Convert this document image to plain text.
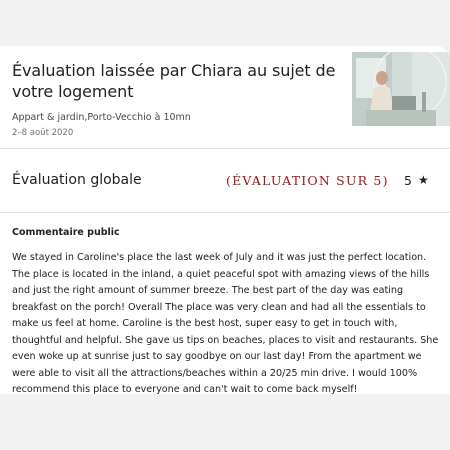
Évaluation laissée par Chiara au sujet de votre logement
Appart & jardin,Porto-Vecchio à 10mn
2–8 août 2020
Évaluation globale	(ÉVALUATION SUR 5) 5 ★
Commentaire public

We stayed in Caroline's place the last week of July and it was just the perfect location. The place is located in the inland, a quiet peaceful spot with amazing views of the hills and just the right amount of summer breeze. The best part of the day was eating breakfast on the porch! Overall The place was very clean and had all the essentials to make us feel at home. Caroline is the best host, super easy to get in touch with, thoughtful and helpful. She gave us tips on beaches, places to visit and restaurants. She even woke up at sunrise just to say goodbye on our last day! From the apartment we were able to visit all the attractions/beaches within a 20/25 min drive. I would 100% recommend this place to everyone and can't wait to come back myself!
